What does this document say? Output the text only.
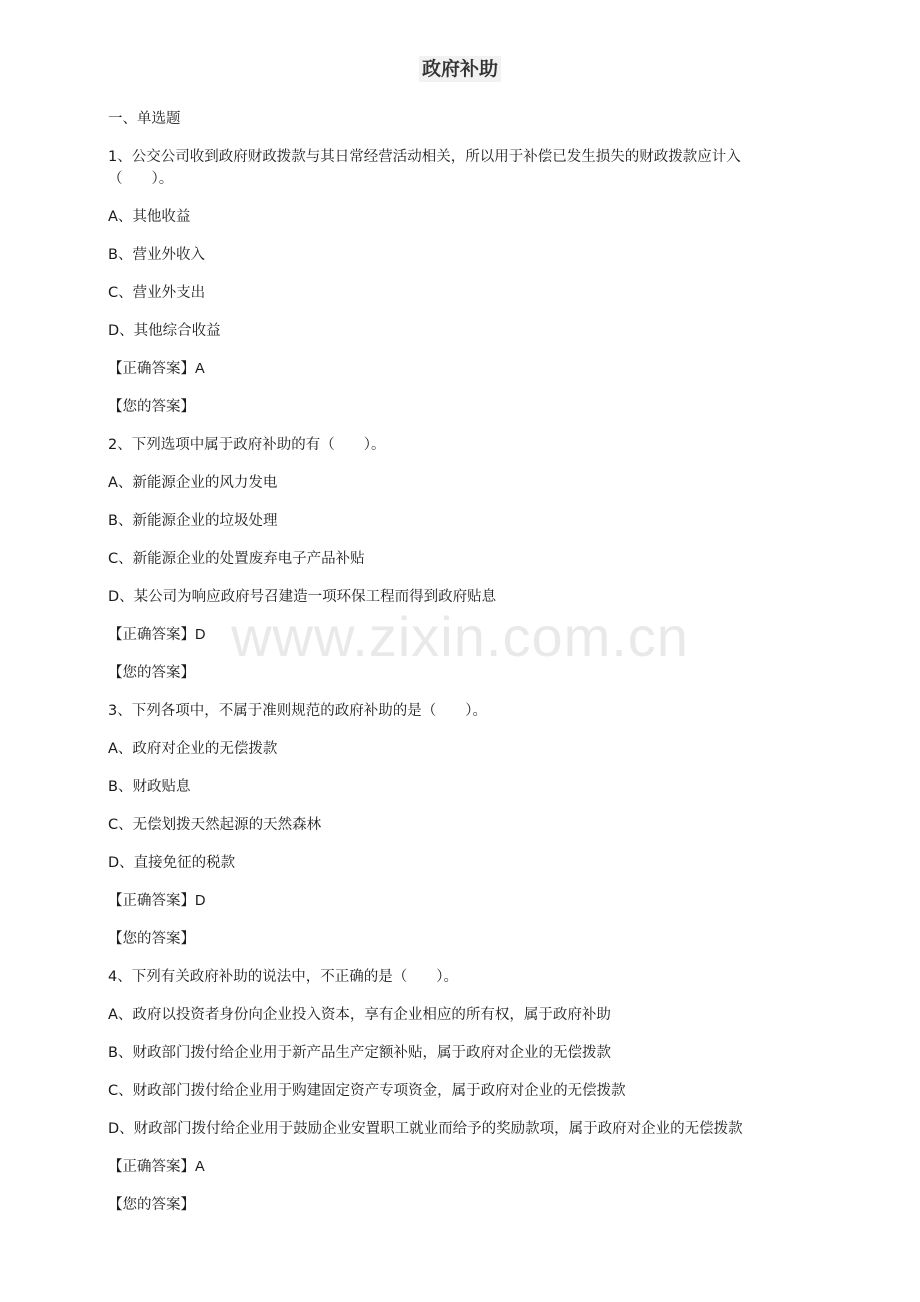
政府补助
www.zixin.com.cn
一、单选题
1、公交公司收到政府财政拨款与其日常经营活动相关，所以用于补偿已发生损失的财政拨款应计入
（　　）。
A、其他收益
B、营业外收入
C、营业外支出
D、其他综合收益
【正确答案】A
【您的答案】
2、下列选项中属于政府补助的有（　　）。
A、新能源企业的风力发电
B、新能源企业的垃圾处理
C、新能源企业的处置废弃电子产品补贴
D、某公司为响应政府号召建造一项环保工程而得到政府贴息
【正确答案】D
【您的答案】
3、下列各项中，不属于准则规范的政府补助的是（　　）。
A、政府对企业的无偿拨款
B、财政贴息
C、无偿划拨天然起源的天然森林
D、直接免征的税款
【正确答案】D
【您的答案】
4、下列有关政府补助的说法中，不正确的是（　　）。
A、政府以投资者身份向企业投入资本，享有企业相应的所有权，属于政府补助
B、财政部门拨付给企业用于新产品生产定额补贴，属于政府对企业的无偿拨款
C、财政部门拨付给企业用于购建固定资产专项资金，属于政府对企业的无偿拨款
D、财政部门拨付给企业用于鼓励企业安置职工就业而给予的奖励款项，属于政府对企业的无偿拨款
【正确答案】A
【您的答案】
